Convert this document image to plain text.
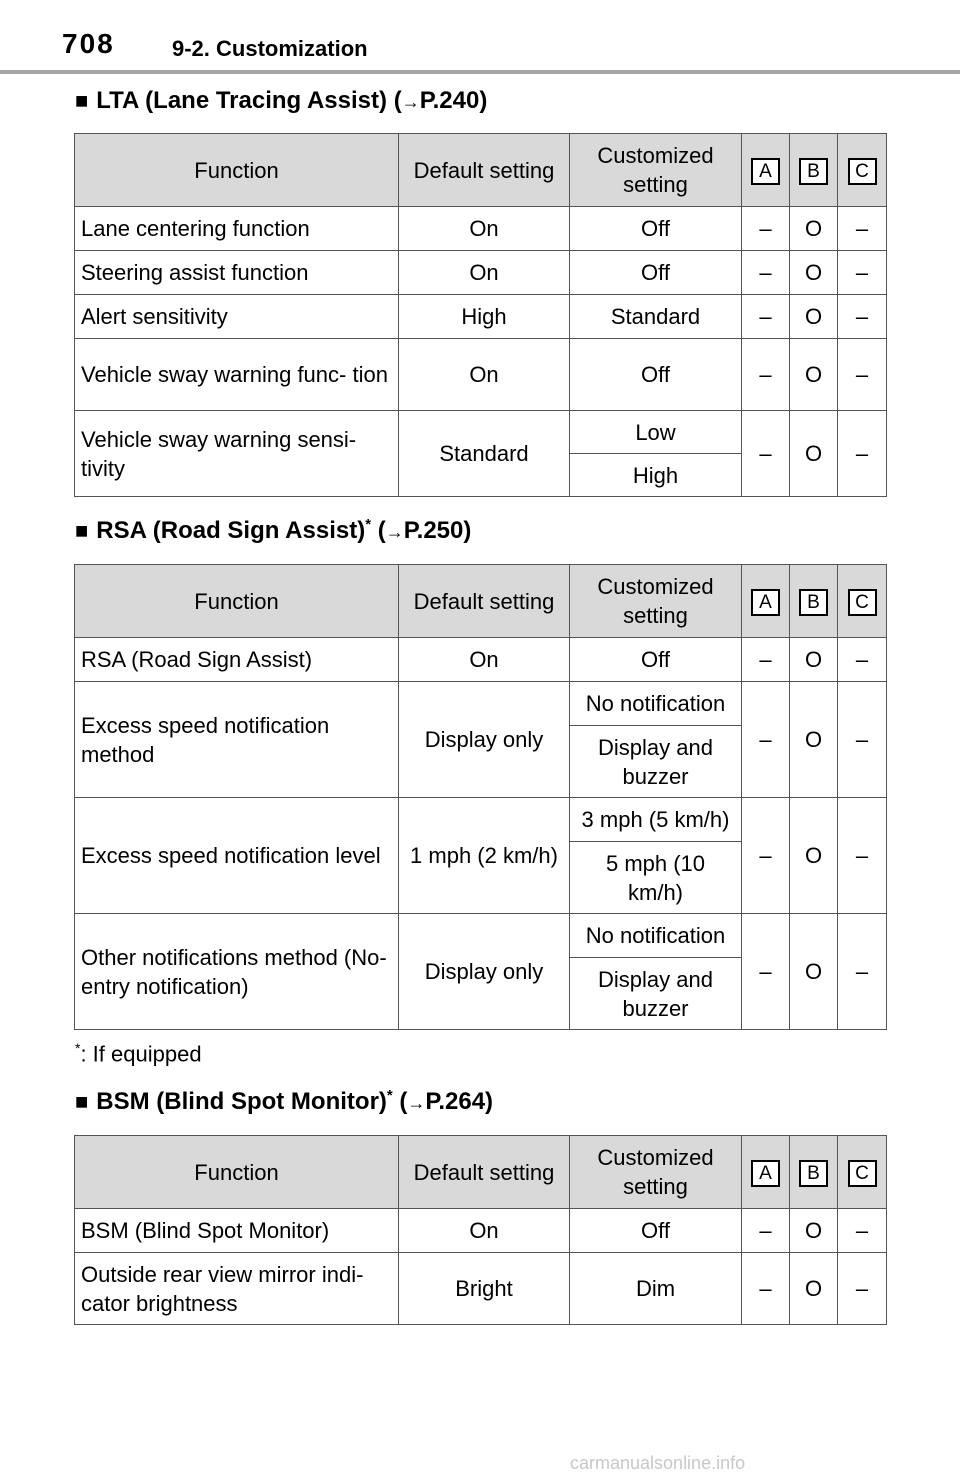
708	9-2. Customization
■ LTA (Lane Tracing Assist) (→P.240)
Function	Default setting	Customized setting	A	B	C
Lane centering function	On	Off	–	O	–
Steering assist function	On	Off	–	O	–
Alert sensitivity	High	Standard	–	O	–
Vehicle sway warning func- tion	On	Off	–	O	–
Vehicle sway warning sensi- tivity	Standard	Low	–	O	–
		High			
■ RSA (Road Sign Assist)* (→P.250)
Function	Default setting	Customized setting	A	B	C
RSA (Road Sign Assist)	On	Off	–	O	–
Excess speed notification method	Display only	No notification	–	O	–
		Display and buzzer			
Excess speed notification level	1 mph (2 km/h)	3 mph (5 km/h)	–	O	–
		5 mph (10 km/h)			
Other notifications method (No-entry notification)	Display only	No notification	–	O	–
		Display and buzzer			
*: If equipped
■ BSM (Blind Spot Monitor)* (→P.264)
Function	Default setting	Customized setting	A	B	C
BSM (Blind Spot Monitor)	On	Off	–	O	–
Outside rear view mirror indi- cator brightness	Bright	Dim	–	O	–
carmanualsonline.info
